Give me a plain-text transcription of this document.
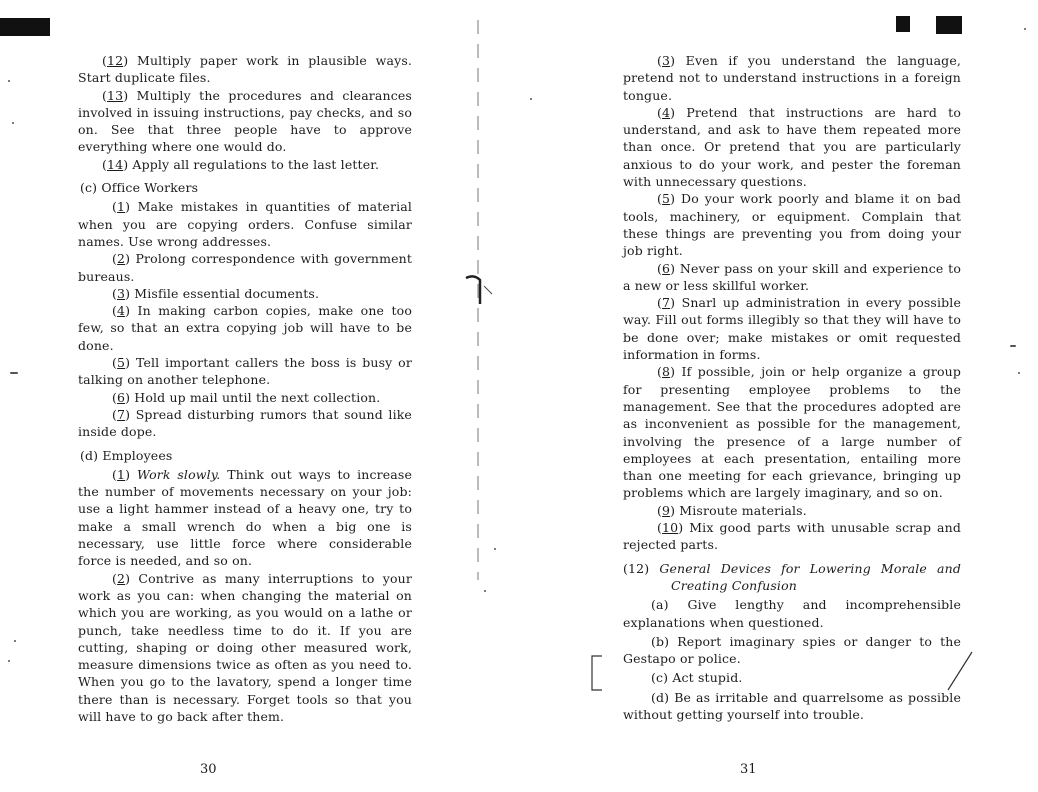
(12) Multiply paper work in plausible ways. Start duplicate files.

(13) Multiply the procedures and clearances involved in issuing instructions, pay checks, and so on. See that three people have to approve everything where one would do.

(14) Apply all regulations to the last letter.

(c) Office Workers

(1) Make mistakes in quantities of material when you are copying orders. Confuse similar names. Use wrong addresses.

(2) Prolong correspondence with government bureaus.

(3) Misfile essential documents.

(4) In making carbon copies, make one too few, so that an extra copying job will have to be done.

(5) Tell important callers the boss is busy or talking on another telephone.

(6) Hold up mail until the next collection.

(7) Spread disturbing rumors that sound like inside dope.

(d) Employees

(1) Work slowly. Think out ways to increase the number of movements necessary on your job: use a light hammer instead of a heavy one, try to make a small wrench do when a big one is necessary, use little force where considerable force is needed, and so on.

(2) Contrive as many interruptions to your work as you can: when changing the material on which you are working, as you would on a lathe or punch, take needless time to do it. If you are cutting, shaping or doing other measured work, measure dimensions twice as often as you need to. When you go to the lavatory, spend a longer time there than is necessary. Forget tools so that you will have to go back after them.

30

(3) Even if you understand the language, pretend not to understand instructions in a foreign tongue.

(4) Pretend that instructions are hard to understand, and ask to have them repeated more than once. Or pretend that you are particularly anxious to do your work, and pester the foreman with unnecessary questions.

(5) Do your work poorly and blame it on bad tools, machinery, or equipment. Complain that these things are preventing you from doing your job right.

(6) Never pass on your skill and experience to a new or less skillful worker.

(7) Snarl up administration in every possible way. Fill out forms illegibly so that they will have to be done over; make mistakes or omit requested information in forms.

(8) If possible, join or help organize a group for presenting employee problems to the management. See that the procedures adopted are as inconvenient as possible for the management, involving the presence of a large number of employees at each presentation, entailing more than one meeting for each grievance, bringing up problems which are largely imaginary, and so on.

(9) Misroute materials.

(10) Mix good parts with unusable scrap and rejected parts.

(12) General Devices for Lowering Morale and Creating Confusion

(a) Give lengthy and incomprehensible explanations when questioned.

(b) Report imaginary spies or danger to the Gestapo or police.

(c) Act stupid.

(d) Be as irritable and quarrelsome as possible without getting yourself into trouble.

31
